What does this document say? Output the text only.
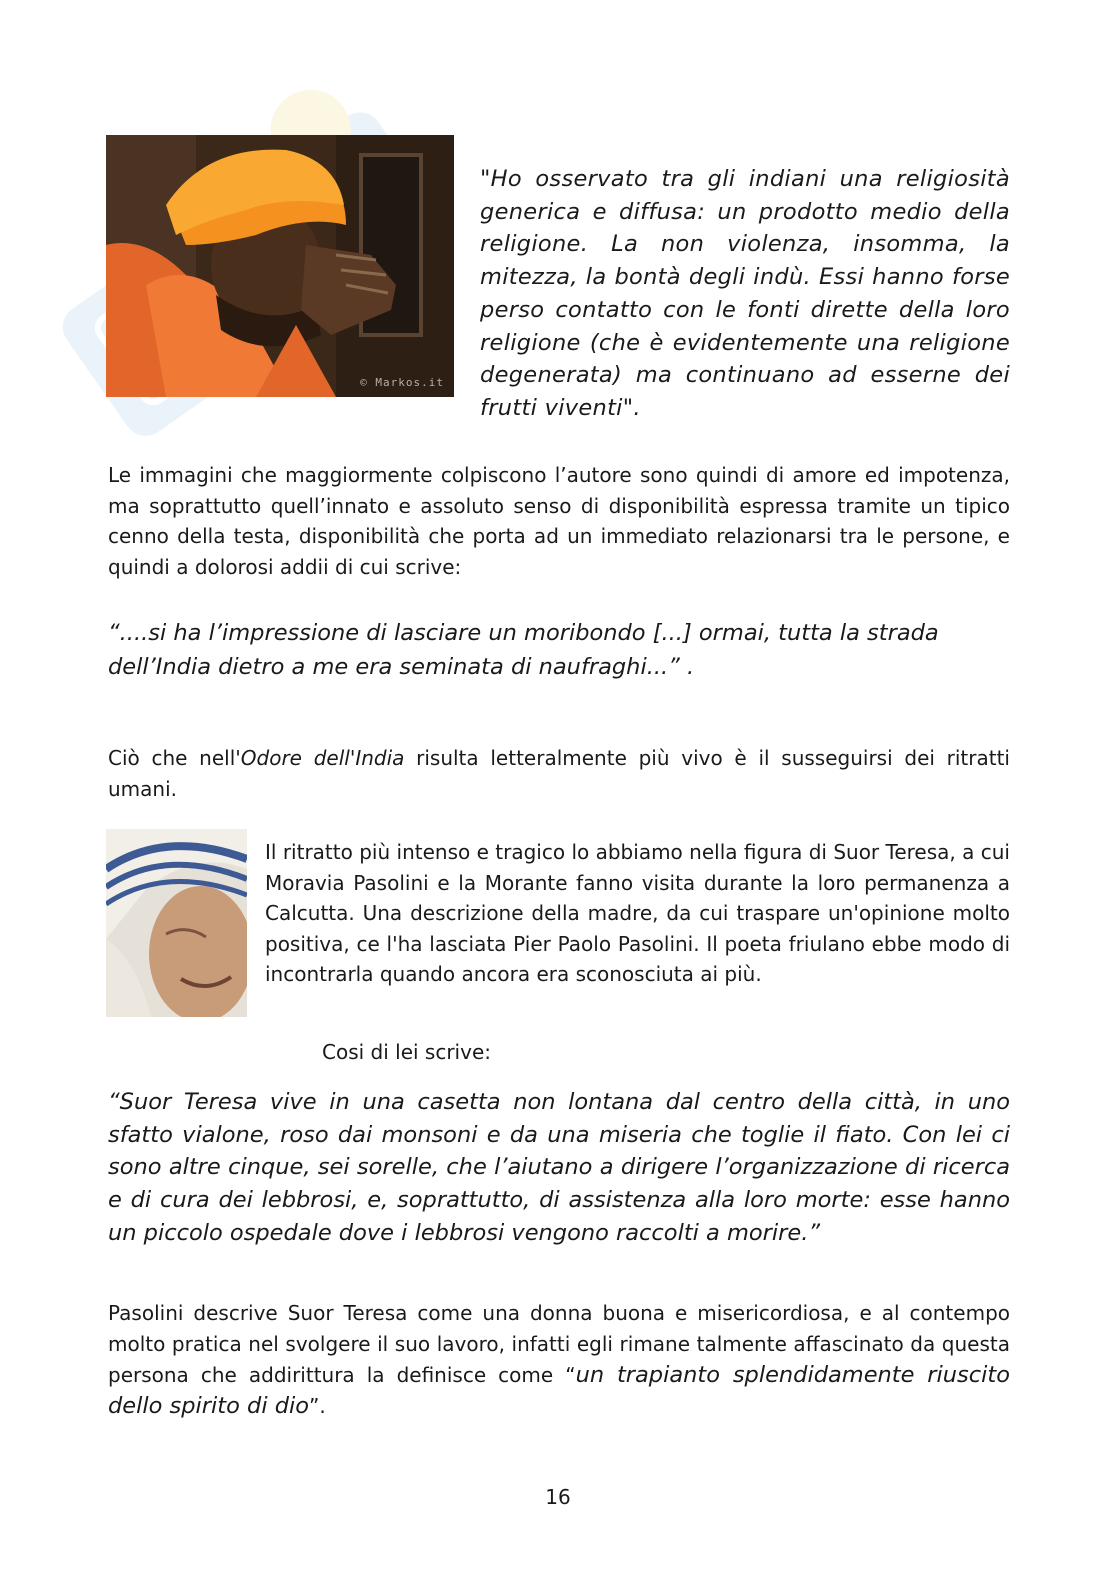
© Markos.it

"Ho osservato tra gli indiani una religiosità generica e diffusa: un prodotto medio della religione. La non violenza, insomma, la mitezza, la bontà degli indù. Essi hanno forse perso contatto con le fonti dirette della loro religione (che è evidentemente una religione degenerata) ma continuano ad esserne dei frutti viventi".

Le immagini che maggiormente colpiscono l’autore sono quindi di amore ed impotenza, ma soprattutto quell’innato e assoluto senso di disponibilità espressa tramite un tipico cenno della testa, disponibilità che porta ad un immediato relazionarsi tra le persone, e quindi a dolorosi addii di cui scrive:

“....si ha l’impressione di lasciare un moribondo [...] ormai, tutta la strada dell’India dietro a me era seminata di naufraghi...” .

Ciò che nell'Odore dell'India risulta letteralmente più vivo è il susseguirsi dei ritratti umani.

Il ritratto più intenso e tragico lo abbiamo nella figura di Suor Teresa, a cui Moravia Pasolini e la Morante fanno visita durante la loro permanenza a Calcutta. Una descrizione della madre, da cui traspare un'opinione molto positiva, ce l'ha lasciata Pier Paolo Pasolini. Il poeta friulano ebbe modo di incontrarla quando ancora era sconosciuta ai più.

Cosi di lei scrive:

“Suor Teresa vive in una casetta non lontana dal centro della città, in uno sfatto vialone, roso dai monsoni e da una miseria che toglie il fiato. Con lei ci sono altre cinque, sei sorelle, che l’aiutano a dirigere l’organizzazione di ricerca e di cura dei lebbrosi, e, soprattutto, di assistenza alla loro morte: esse hanno un piccolo ospedale dove i lebbrosi vengono raccolti a morire.”

Pasolini descrive Suor Teresa come una donna buona e misericordiosa, e al contempo molto pratica nel svolgere il suo lavoro, infatti egli rimane talmente affascinato da questa persona che addirittura la definisce come “un trapianto splendidamente riuscito dello spirito di dio”.

16
